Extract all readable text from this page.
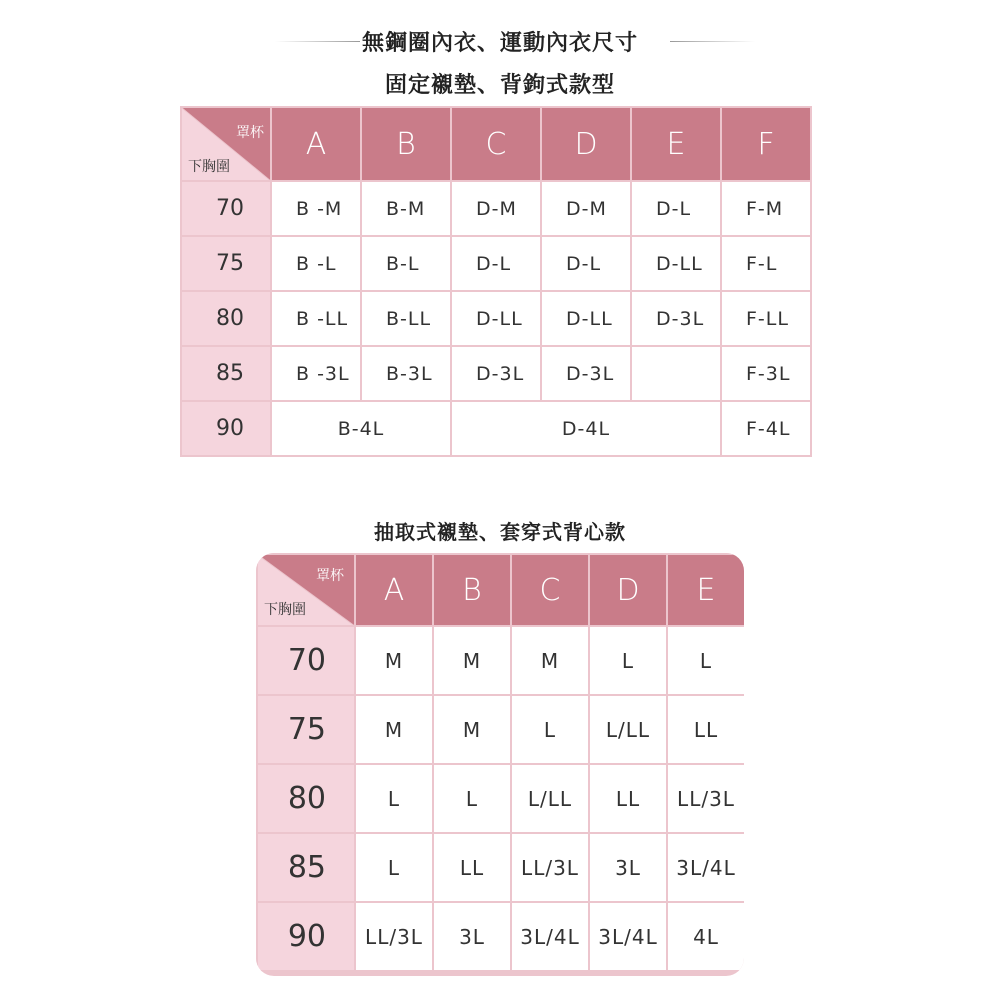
無鋼圈內衣、運動內衣尺寸
固定襯墊、背鉤式款型
罩杯
下胸圍	A	B	C	D	E	F
70	B -M	B-M	D-M	D-M	D-L	F-M
75	B -L	B-L	D-L	D-L	D-LL	F-L
80	B -LL	B-LL	D-LL	D-LL	D-3L	F-LL
85	B -3L	B-3L	D-3L	D-3L		F-3L
90	B-4L		D-4L			F-4L
抽取式襯墊、套穿式背心款
罩杯
下胸圍	A	B	C	D	E
70	M	M	M	L	L
75	M	M	L	L/LL	LL
80	L	L	L/LL	LL	LL/3L
85	L	LL	LL/3L	3L	3L/4L
90	LL/3L	3L	3L/4L	3L/4L	4L
